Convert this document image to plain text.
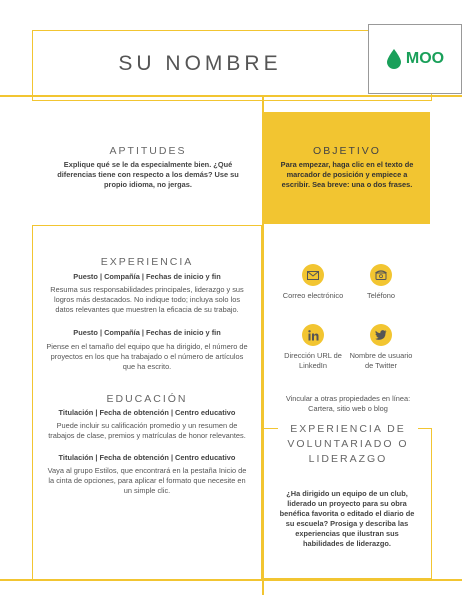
MOO
SU NOMBRE
APTITUDES
Explique qué se le da especialmente bien. ¿Qué diferencias tiene con respecto a los demás? Use su propio idioma, no jergas.
OBJETIVO
Para empezar, haga clic en el texto de marcador de posición y empiece a escribir. Sea breve: una o dos frases.
EXPERIENCIA
Puesto | Compañía | Fechas de inicio y fin
Resuma sus responsabilidades principales, liderazgo y sus logros más destacados. No indique todo; incluya solo los datos relevantes que muestren la eficacia de su trabajo.
Puesto | Compañía | Fechas de inicio y fin
Piense en el tamaño del equipo que ha dirigido, el número de proyectos en los que ha trabajado o el número de artículos que ha escrito.
EDUCACIÓN
Titulación | Fecha de obtención | Centro educativo
Puede incluir su calificación promedio y un resumen de trabajos de clase, premios y matrículas de honor relevantes.
Titulación | Fecha de obtención | Centro educativo
Vaya al grupo Estilos, que encontrará en la pestaña Inicio de la cinta de opciones, para aplicar el formato que necesite en un simple clic.
Correo electrónico	Teléfono
Dirección URL de LinkedIn
Nombre de usuario de Twitter
Vincular a otras propiedades en línea: Cartera, sitio web o blog
EXPERIENCIA DE VOLUNTARIADO O LIDERAZGO
¿Ha dirigido un equipo de un club, liderado un proyecto para su obra benéfica favorita o editado el diario de su escuela? Prosiga y describa las experiencias que ilustran sus habilidades de liderazgo.
